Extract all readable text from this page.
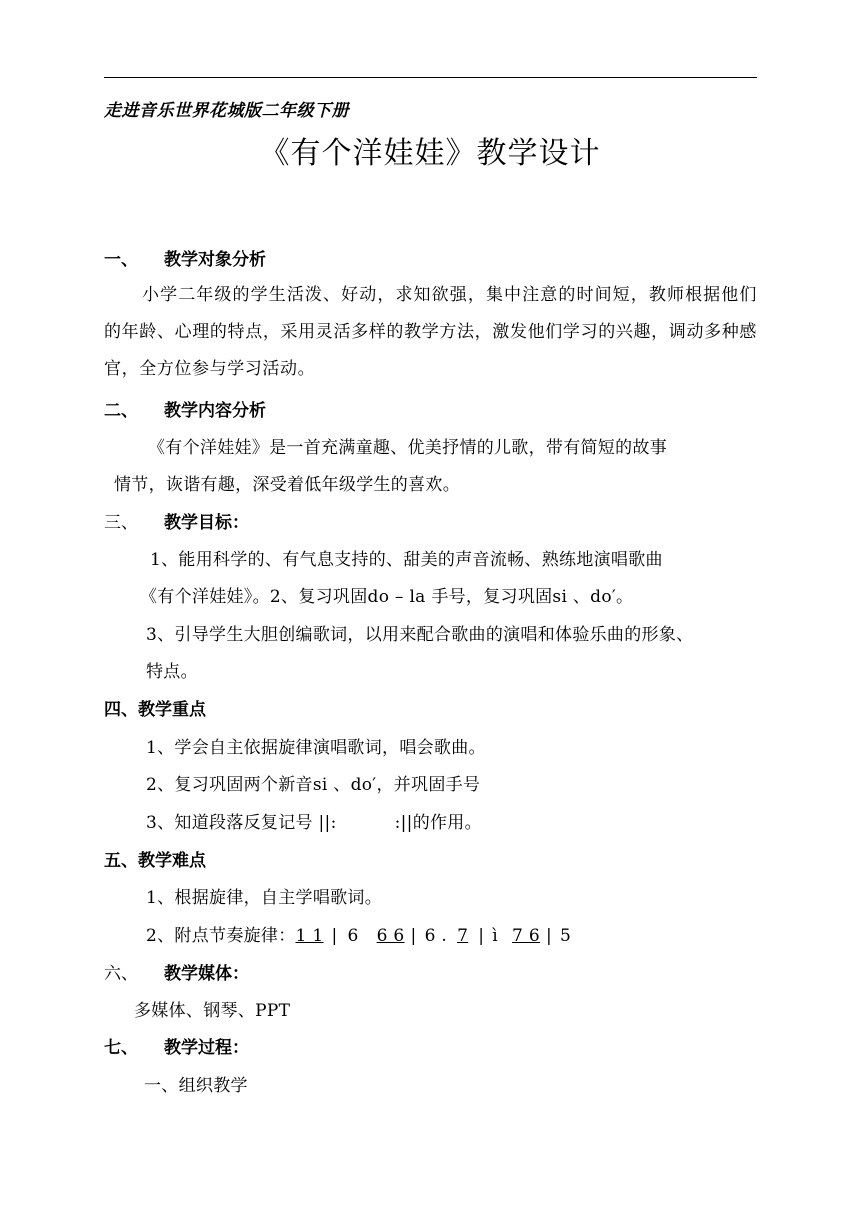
走进音乐世界花城版二年级下册
《有个洋娃娃》教学设计
一、 教学对象分析
小学二年级的学生活泼、好动，求知欲强，集中注意的时间短，教师根据他们的年龄、心理的特点，采用灵活多样的教学方法，激发他们学习的兴趣，调动多种感官，全方位参与学习活动。
二、 教学内容分析
《有个洋娃娃》是一首充满童趣、优美抒情的儿歌，带有简短的故事
情节，诙谐有趣，深受着低年级学生的喜欢。
三、 教学目标：
1、能用科学的、有气息支持的、甜美的声音流畅、熟练地演唱歌曲
《有个洋娃娃》。2、复习巩固do – la 手号，复习巩固si 、do′。
3、引导学生大胆创编歌词，以用来配合歌曲的演唱和体验乐曲的形象、
特点。
四、教学重点
1、学会自主依据旋律演唱歌词，唱会歌曲。
2、复习巩固两个新音si 、do′，并巩固手号
3、知道段落反复记号 ||:	:||的作用。
五、教学难点
1、根据旋律，自主学唱歌词。
2、附点节奏旋律：1 1 | 6 6 6 | 6 . 7 | ì 7 6 | 5
六、 教学媒体：
多媒体、钢琴、PPT
七、 教学过程：
一、组织教学
